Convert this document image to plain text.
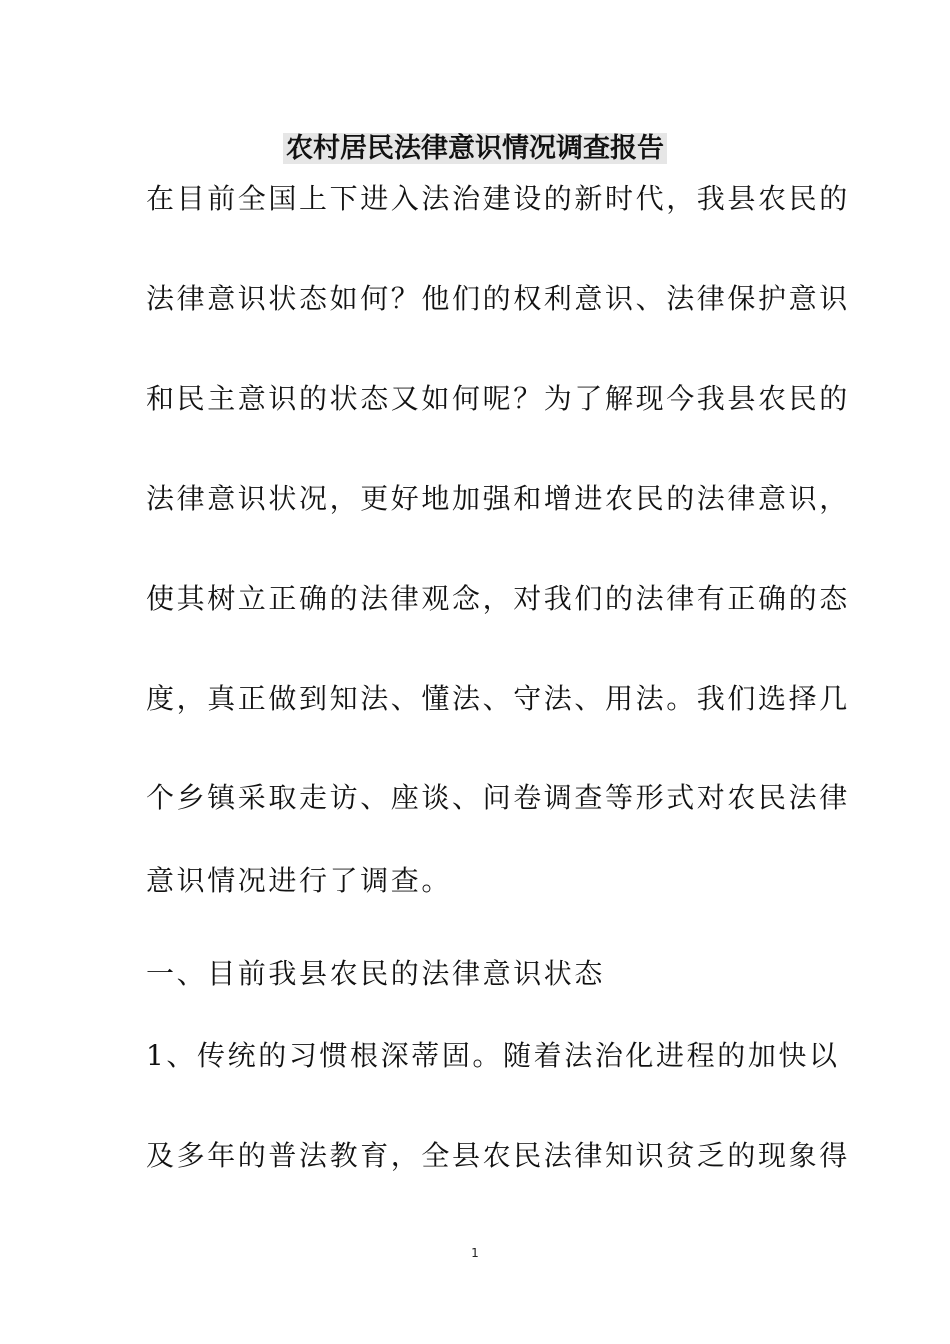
农村居民法律意识情况调查报告

在目前全国上下进入法治建设的新时代，我县农民的

法律意识状态如何？他们的权利意识、法律保护意识

和民主意识的状态又如何呢？为了解现今我县农民的

法律意识状况，更好地加强和增进农民的法律意识，

使其树立正确的法律观念，对我们的法律有正确的态

度，真正做到知法、懂法、守法、用法。我们选择几

个乡镇采取走访、座谈、问卷调查等形式对农民法律

意识情况进行了调查。

一、目前我县农民的法律意识状态

1、传统的习惯根深蒂固。随着法治化进程的加快以

及多年的普法教育，全县农民法律知识贫乏的现象得

1
